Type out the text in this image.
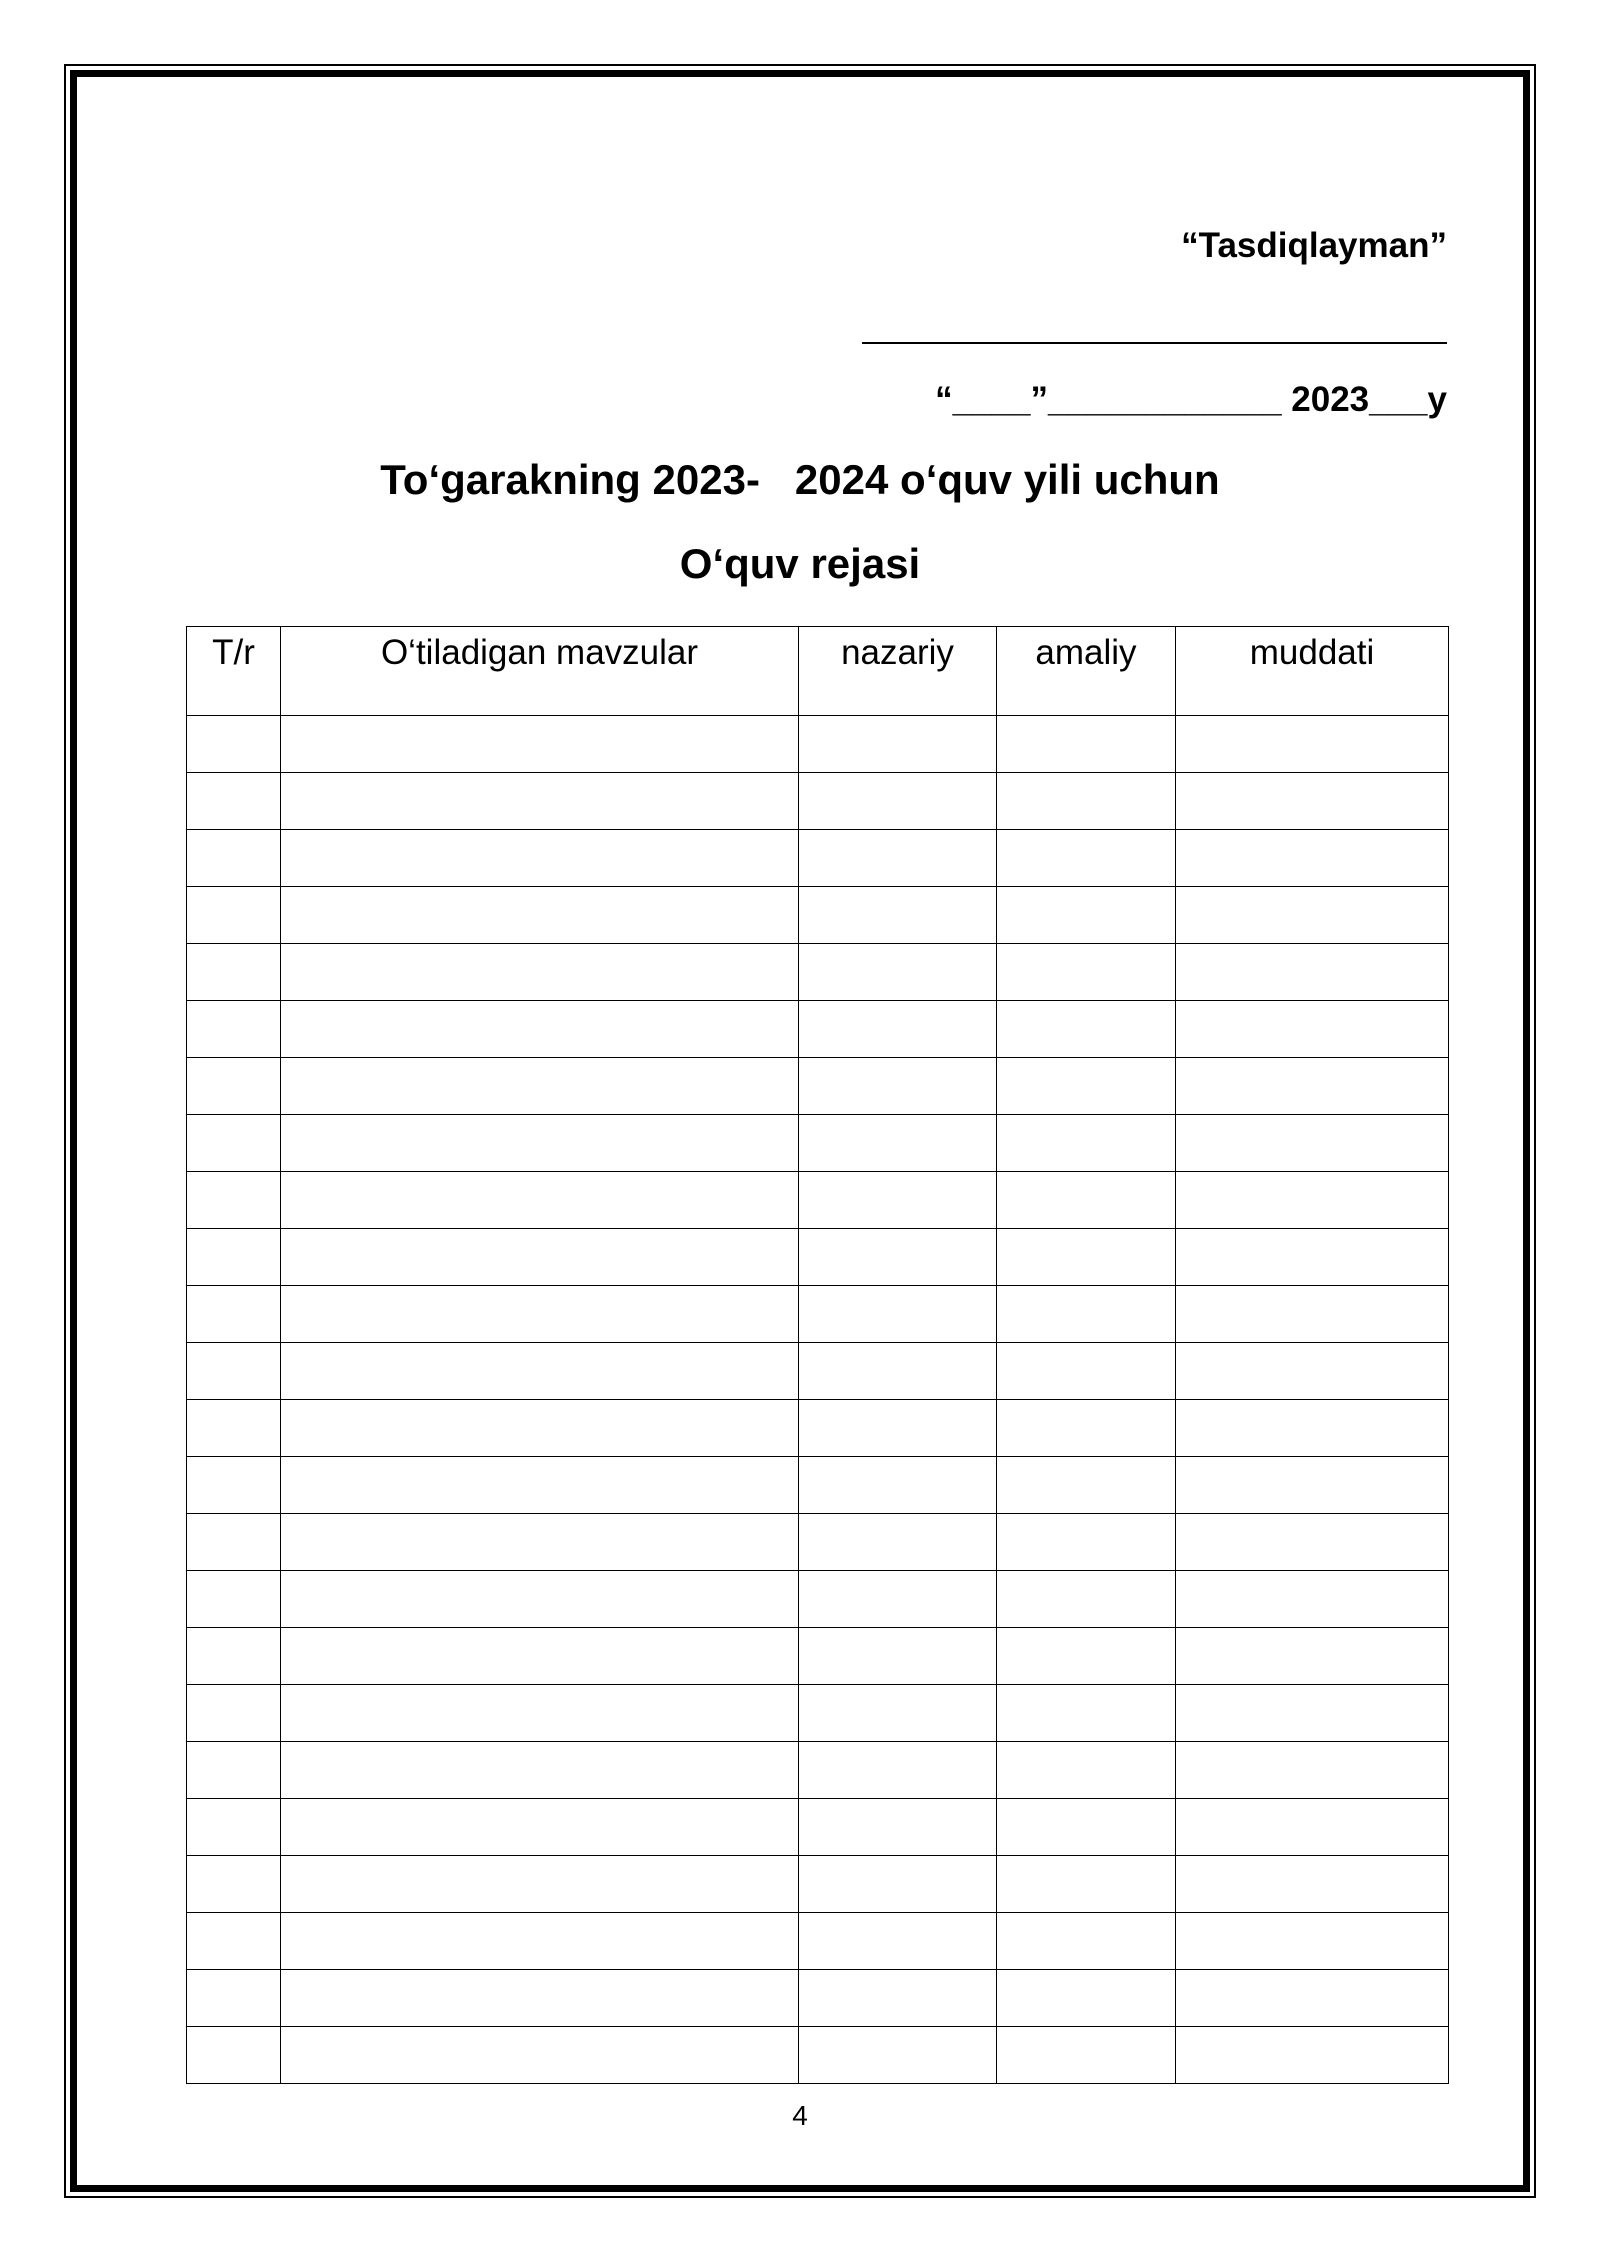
“Tasdiqlayman”
“____”____________ 2023___y
To‘garakning 2023-   2024 o‘quv yili uchun
O‘quv rejasi
T/r	O‘tiladigan mavzular	nazariy	amaliy	muddati

4
